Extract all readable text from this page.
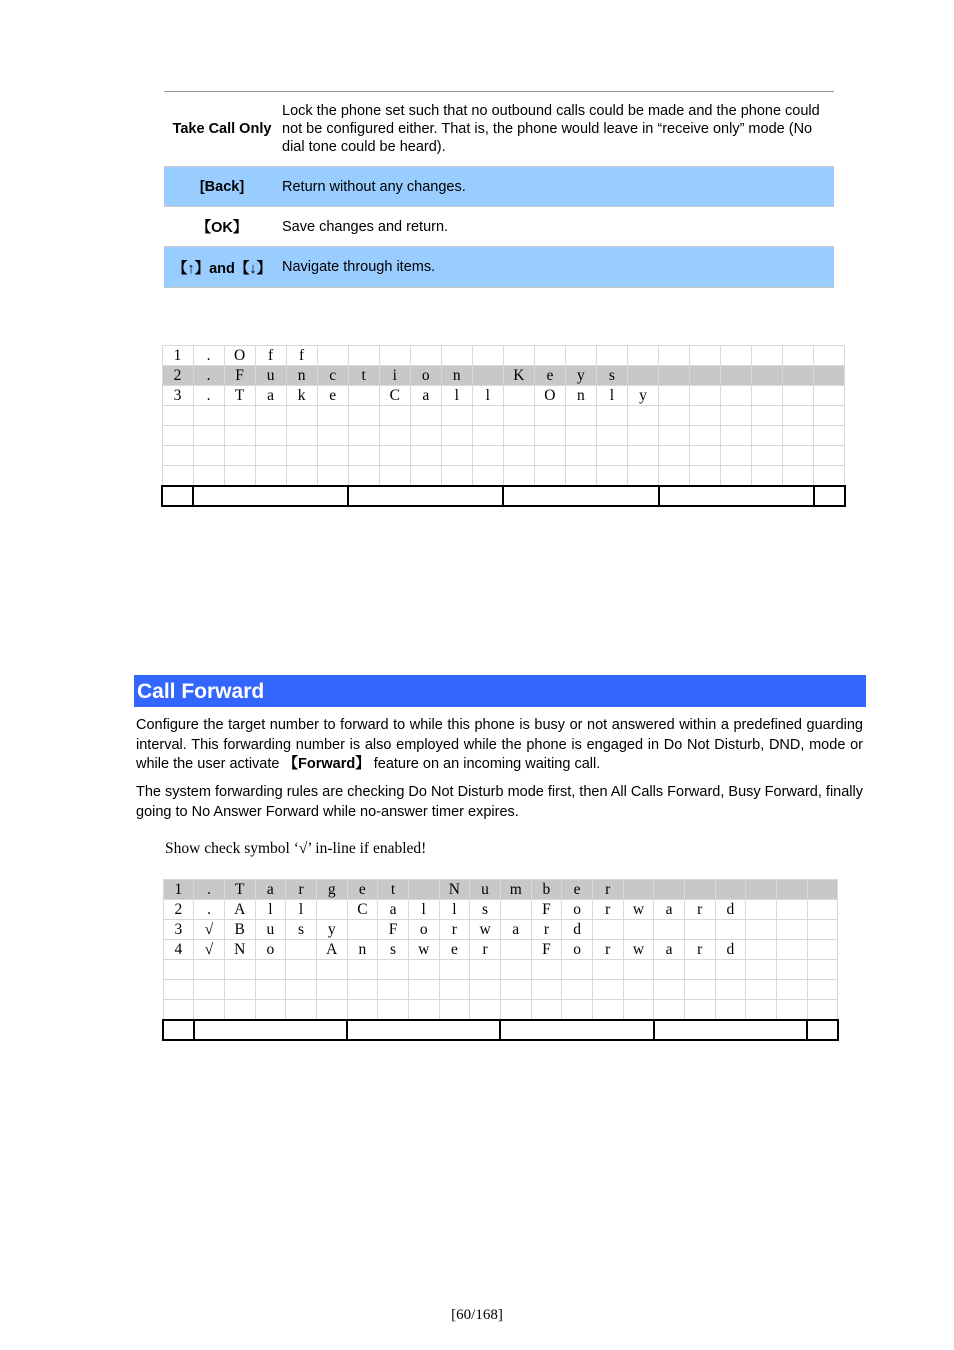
Take Call Only
Lock the phone set such that no outbound calls could be made and the phone could not be configured either. That is, the phone would leave in “receive only” mode (No dial tone could be heard).
[Back]	Return without any changes.
【OK】	Save changes and return.
【↑】and【↓】 Navigate through items.
1	.	O	f	f																	
2	.	F	u	n	c	t	i	o	n		K	e	y	s							
3	.	T	a	k	e		C	a	l	l		O	n	l	y						

Call Forward
Configure the target number to forward to while this phone is busy or not answered within a predefined guarding interval. This forwarding number is also employed while the phone is engaged in Do Not Disturb, DND, mode or while the user activate 【Forward】 feature on an incoming waiting call.
The system forwarding rules are checking Do Not Disturb mode first, then All Calls Forward, Busy Forward, finally going to No Answer Forward while no-answer timer expires.
Show check symbol ‘√’ in-line if enabled!
1	.	T	a	r	g	e	t		N	u	m	b	e	r							
2	.	A	l	l		C	a	l	l	s		F	o	r	w	a	r	d			
3	√	B	u	s	y		F	o	r	w	a	r	d								
4	√	N	o		A	n	s	w	e	r		F	o	r	w	a	r	d			

[60/168]
